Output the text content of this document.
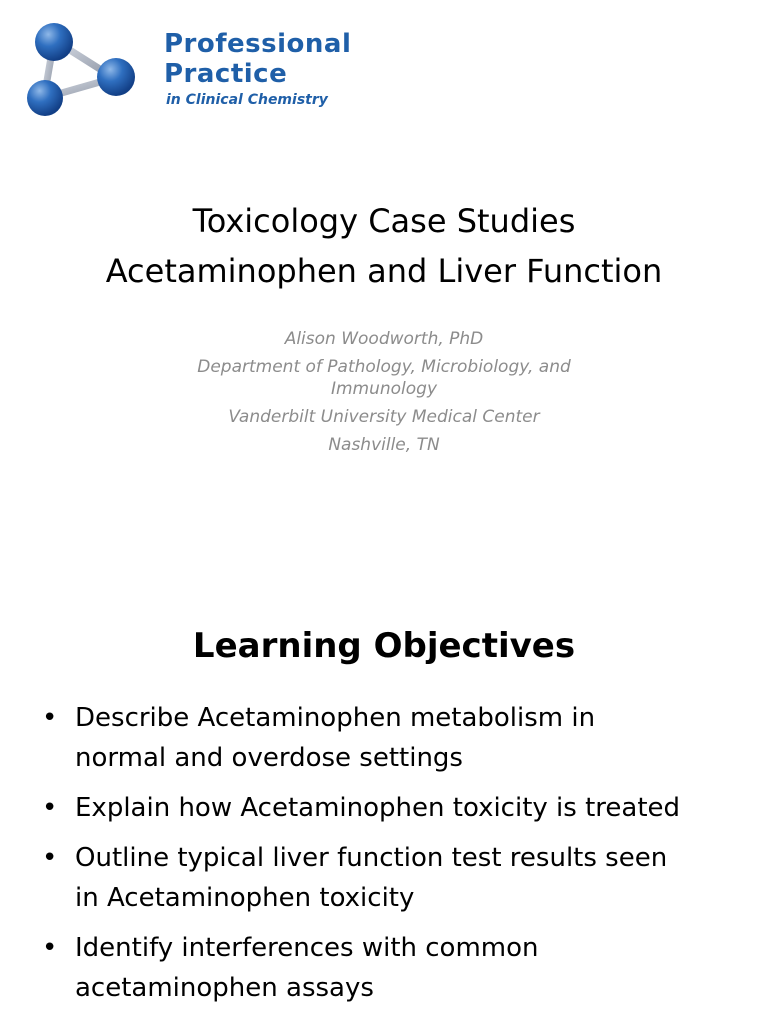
Professional
Practice
in Clinical Chemistry
Toxicology Case Studies
Acetaminophen and Liver Function
Alison Woodworth, PhD
Department of Pathology, Microbiology, and
Immunology
Vanderbilt University Medical Center
Nashville, TN
Learning Objectives
• Describe Acetaminophen metabolism in
normal and overdose settings
• Explain how Acetaminophen toxicity is treated
• Outline typical liver function test results seen
in Acetaminophen toxicity
• Identify interferences with common
acetaminophen assays
